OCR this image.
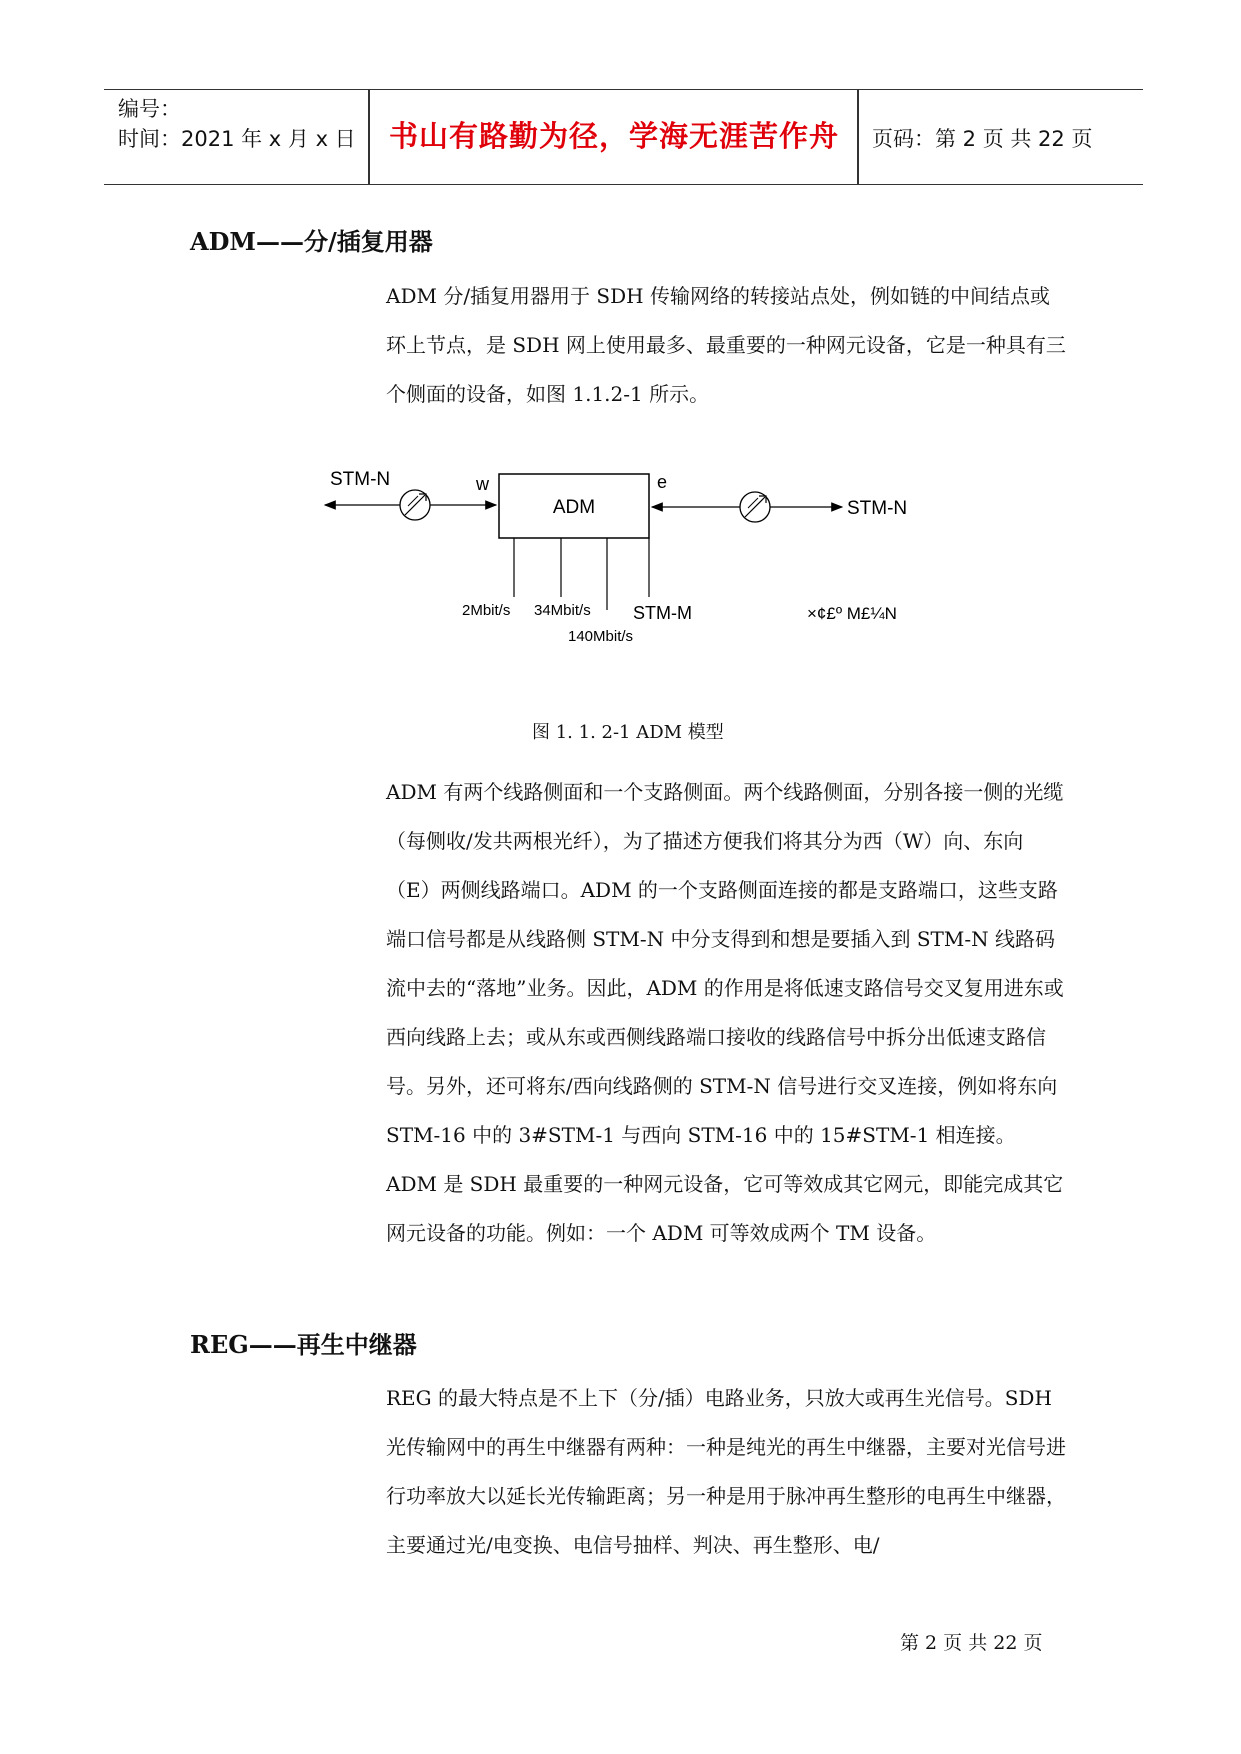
编号：
时间：2021 年 x 月 x 日	书山有路勤为径，学海无涯苦作舟	页码：第 2 页 共 22 页
ADM——分/插复用器

ADM 分/插复用器用于 SDH 传输网络的转接站点处，例如链的中间结点或环上节点，是 SDH 网上使用最多、最重要的一种网元设备，它是一种具有三个侧面的设备，如图 1.1.2-1 所示。

STM-N	w
ADM
e
STM-N
2Mbit/s 34Mbit/s
140Mbit/s
STM-M	×¢£º M£¼N
图 1. 1. 2-1 ADM 模型

ADM 有两个线路侧面和一个支路侧面。两个线路侧面，分别各接一侧的光缆（每侧收/发共两根光纤），为了描述方便我们将其分为西（W）向、东向（E）两侧线路端口。ADM 的一个支路侧面连接的都是支路端口，这些支路端口信号都是从线路侧 STM-N 中分支得到和想是要插入到 STM-N 线路码流中去的“落地”业务。因此，ADM 的作用是将低速支路信号交叉复用进东或西向线路上去；或从东或西侧线路端口接收的线路信号中拆分出低速支路信号。另外，还可将东/西向线路侧的 STM-N 信号进行交叉连接，例如将东向 STM-16 中的 3#STM-1 与西向 STM-16 中的 15#STM-1 相连接。

ADM 是 SDH 最重要的一种网元设备，它可等效成其它网元，即能完成其它网元设备的功能。例如：一个 ADM 可等效成两个 TM 设备。

REG——再生中继器

REG 的最大特点是不上下（分/插）电路业务，只放大或再生光信号。SDH 光传输网中的再生中继器有两种：一种是纯光的再生中继器，主要对光信号进行功率放大以延长光传输距离；另一种是用于脉冲再生整形的电再生中继器，主要通过光/电变换、电信号抽样、判决、再生整形、电/

第 2 页 共 22 页
